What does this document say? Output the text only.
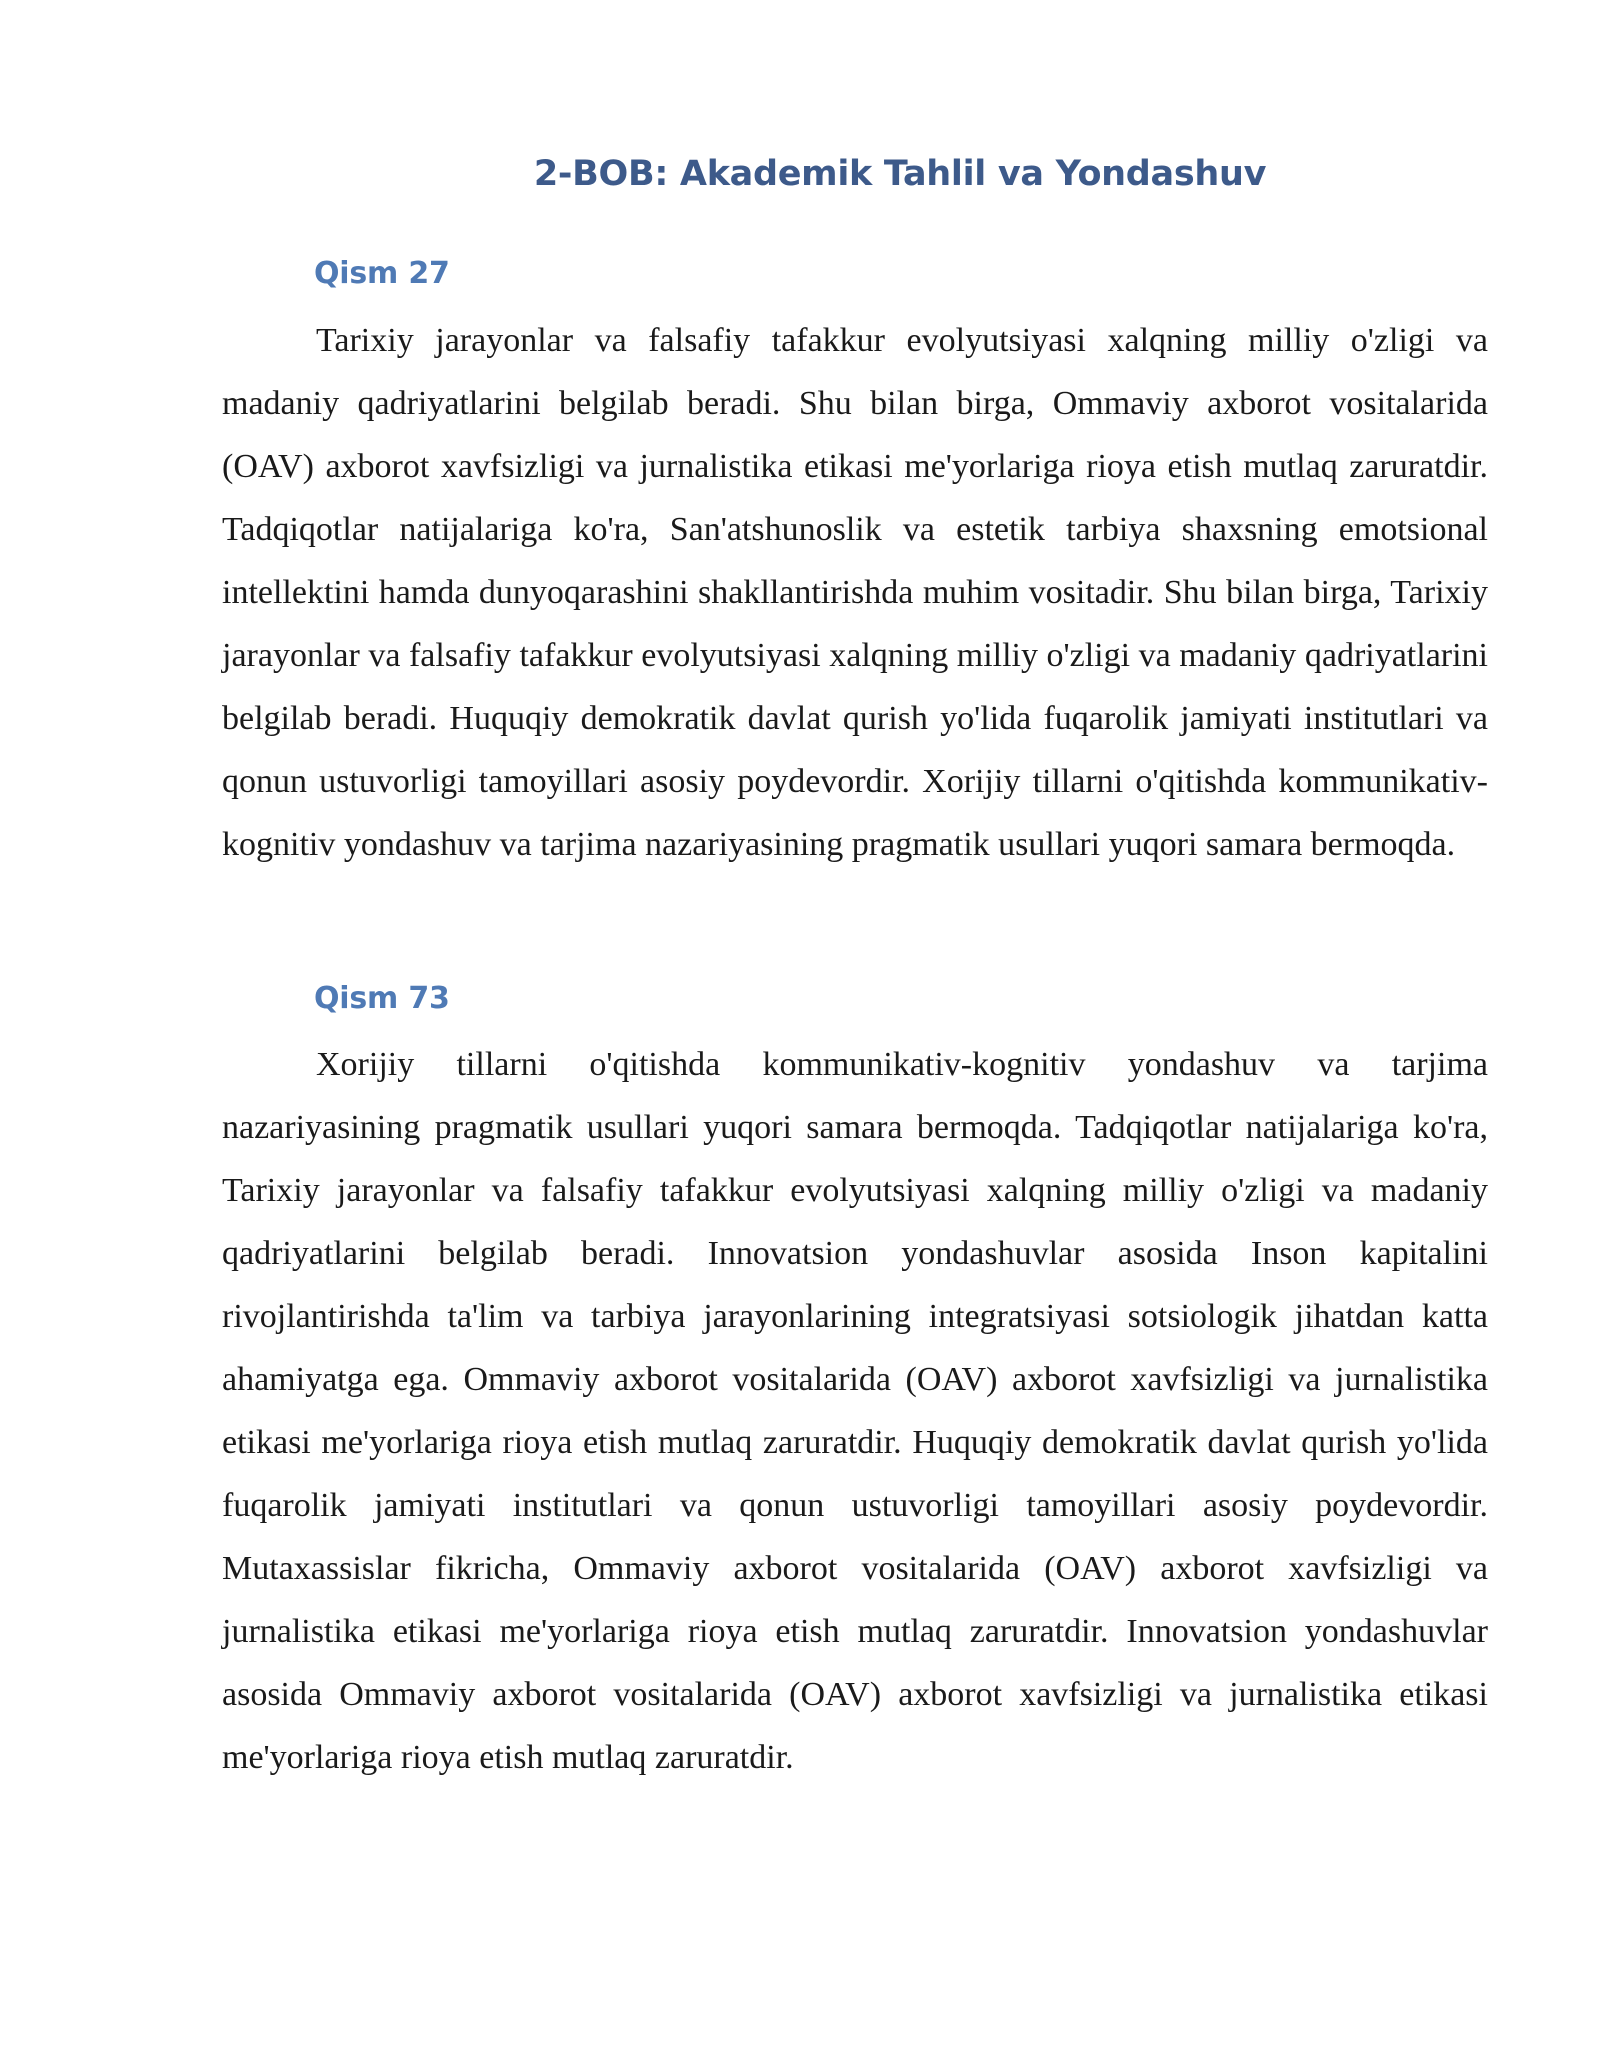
2-BOB: Akademik Tahlil va Yondashuv
Qism 27

Tarixiy jarayonlar va falsafiy tafakkur evolyutsiyasi xalqning milliy o'zligi va madaniy qadriyatlarini belgilab beradi. Shu bilan birga, Ommaviy axborot vositalarida (OAV) axborot xavfsizligi va jurnalistika etikasi me'yorlariga rioya etish mutlaq zaruratdir. Tadqiqotlar natijalariga ko'ra, San'atshunoslik va estetik tarbiya shaxsning emotsional intellektini hamda dunyoqarashini shakllantirishda muhim vositadir. Shu bilan birga, Tarixiy jarayonlar va falsafiy tafakkur evolyutsiyasi xalqning milliy o'zligi va madaniy qadriyatlarini belgilab beradi. Huquqiy demokratik davlat qurish yo'lida fuqarolik jamiyati institutlari va qonun ustuvorligi tamoyillari asosiy poydevordir. Xorijiy tillarni o'qitishda kommunikativ-kognitiv yondashuv va tarjima nazariyasining pragmatik usullari yuqori samara bermoqda.

Qism 73

Xorijiy tillarni o'qitishda kommunikativ-kognitiv yondashuv va tarjima nazariyasining pragmatik usullari yuqori samara bermoqda. Tadqiqotlar natijalariga ko'ra, Tarixiy jarayonlar va falsafiy tafakkur evolyutsiyasi xalqning milliy o'zligi va madaniy qadriyatlarini belgilab beradi. Innovatsion yondashuvlar asosida Inson kapitalini rivojlantirishda ta'lim va tarbiya jarayonlarining integratsiyasi sotsiologik jihatdan katta ahamiyatga ega. Ommaviy axborot vositalarida (OAV) axborot xavfsizligi va jurnalistika etikasi me'yorlariga rioya etish mutlaq zaruratdir. Huquqiy demokratik davlat qurish yo'lida fuqarolik jamiyati institutlari va qonun ustuvorligi tamoyillari asosiy poydevordir. Mutaxassislar fikricha, Ommaviy axborot vositalarida (OAV) axborot xavfsizligi va jurnalistika etikasi me'yorlariga rioya etish mutlaq zaruratdir. Innovatsion yondashuvlar asosida Ommaviy axborot vositalarida (OAV) axborot xavfsizligi va jurnalistika etikasi me'yorlariga rioya etish mutlaq zaruratdir.
